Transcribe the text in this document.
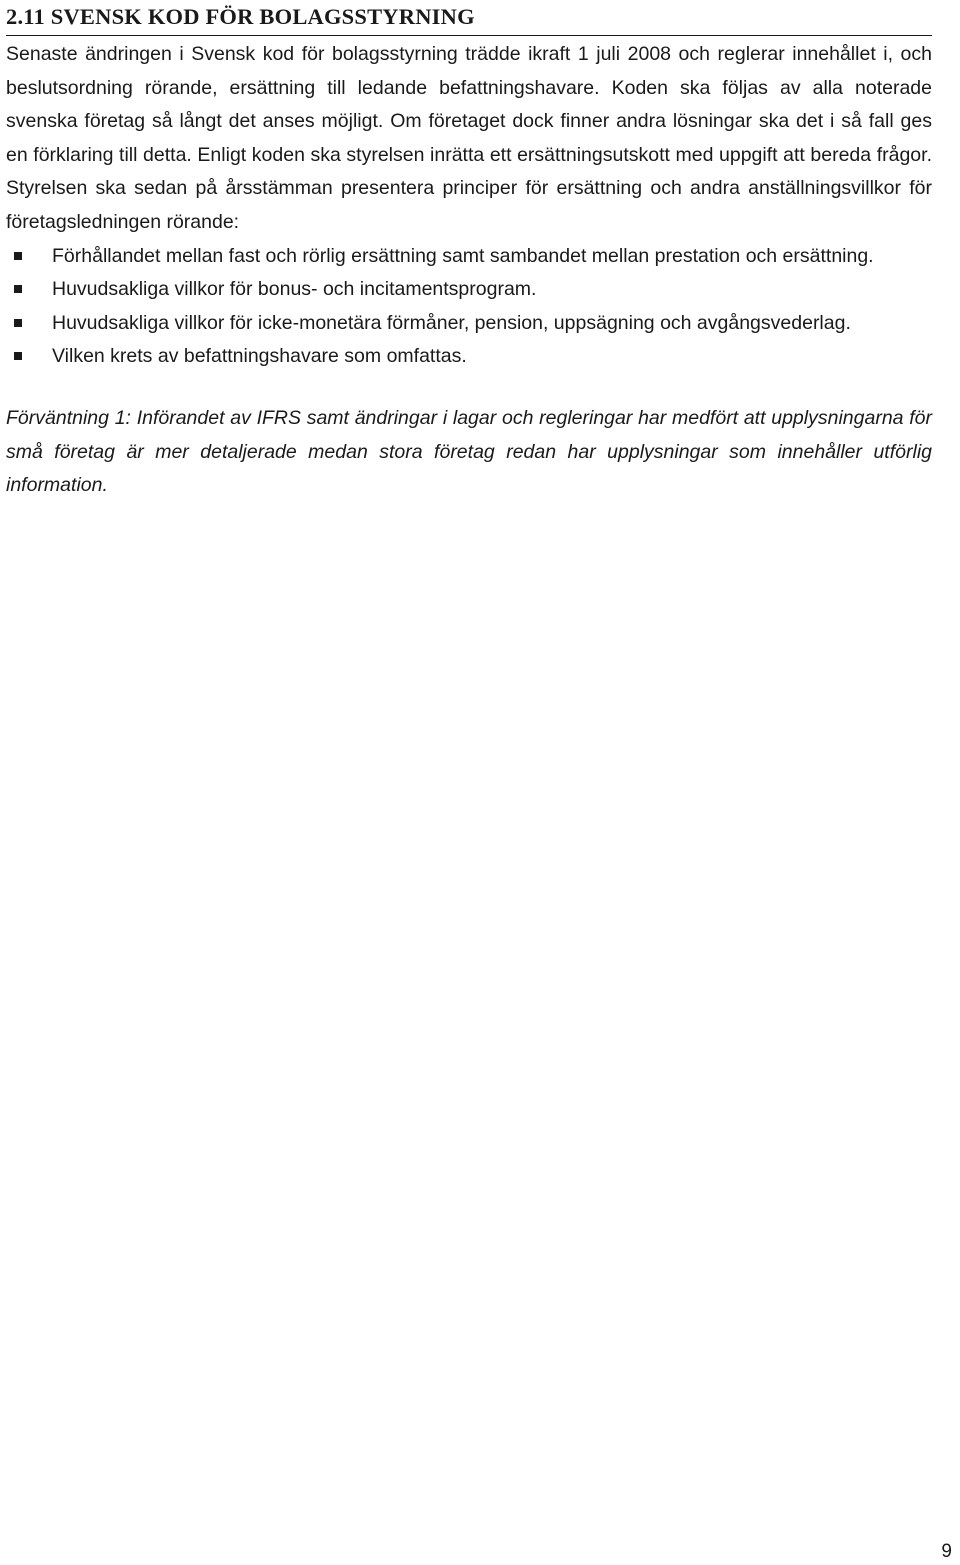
2.11 SVENSK KOD FÖR BOLAGSSTYRNING

Senaste ändringen i Svensk kod för bolagsstyrning trädde ikraft 1 juli 2008 och reglerar innehållet i, och beslutsordning rörande, ersättning till ledande befattningshavare. Koden ska följas av alla noterade svenska företag så långt det anses möjligt. Om företaget dock finner andra lösningar ska det i så fall ges en förklaring till detta. Enligt koden ska styrelsen inrätta ett ersättningsutskott med uppgift att bereda frågor. Styrelsen ska sedan på årsstämman presentera principer för ersättning och andra anställningsvillkor för företagsledningen rörande:

Förhållandet mellan fast och rörlig ersättning samt sambandet mellan prestation och ersättning.
Huvudsakliga villkor för bonus- och incitamentsprogram.
Huvudsakliga villkor för icke-monetära förmåner, pension, uppsägning och avgångsvederlag.
Vilken krets av befattningshavare som omfattas.

Förväntning 1: Införandet av IFRS samt ändringar i lagar och regleringar har medfört att upplysningarna för små företag är mer detaljerade medan stora företag redan har upplysningar som innehåller utförlig information.

9
